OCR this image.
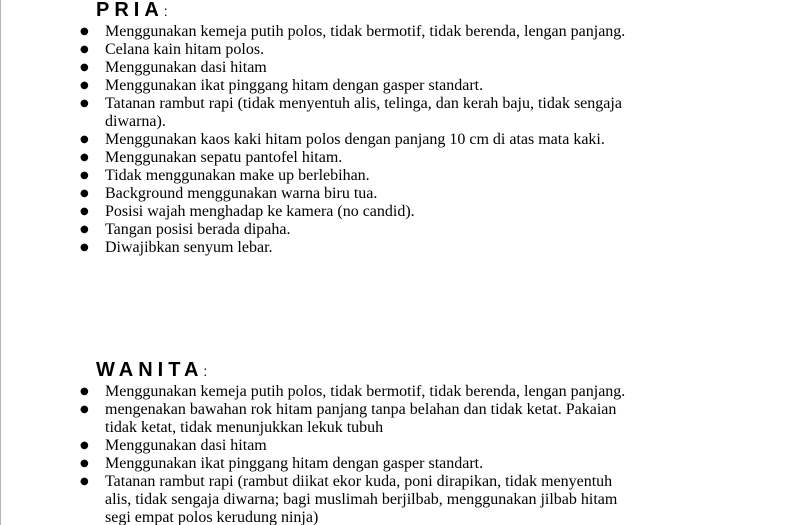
PRIA:
● Menggunakan kemeja putih polos, tidak bermotif, tidak berenda, lengan panjang.
● Celana kain hitam polos.
● Menggunakan dasi hitam
● Menggunakan ikat pinggang hitam dengan gasper standart.
● Tatanan rambut rapi (tidak menyentuh alis, telinga, dan kerah baju, tidak sengaja
diwarna).
● Menggunakan kaos kaki hitam polos dengan panjang 10 cm di atas mata kaki.
● Menggunakan sepatu pantofel hitam.
● Tidak menggunakan make up berlebihan.
● Background menggunakan warna biru tua.
● Posisi wajah menghadap ke kamera (no candid).
● Tangan posisi berada dipaha.
● Diwajibkan senyum lebar.
WANITA:
● Menggunakan kemeja putih polos, tidak bermotif, tidak berenda, lengan panjang.
● mengenakan bawahan rok hitam panjang tanpa belahan dan tidak ketat. Pakaian
tidak ketat, tidak menunjukkan lekuk tubuh
● Menggunakan dasi hitam
● Menggunakan ikat pinggang hitam dengan gasper standart.
● Tatanan rambut rapi (rambut diikat ekor kuda, poni dirapikan, tidak menyentuh
alis, tidak sengaja diwarna; bagi muslimah berjilbab, menggunakan jilbab hitam
segi empat polos kerudung ninja)
